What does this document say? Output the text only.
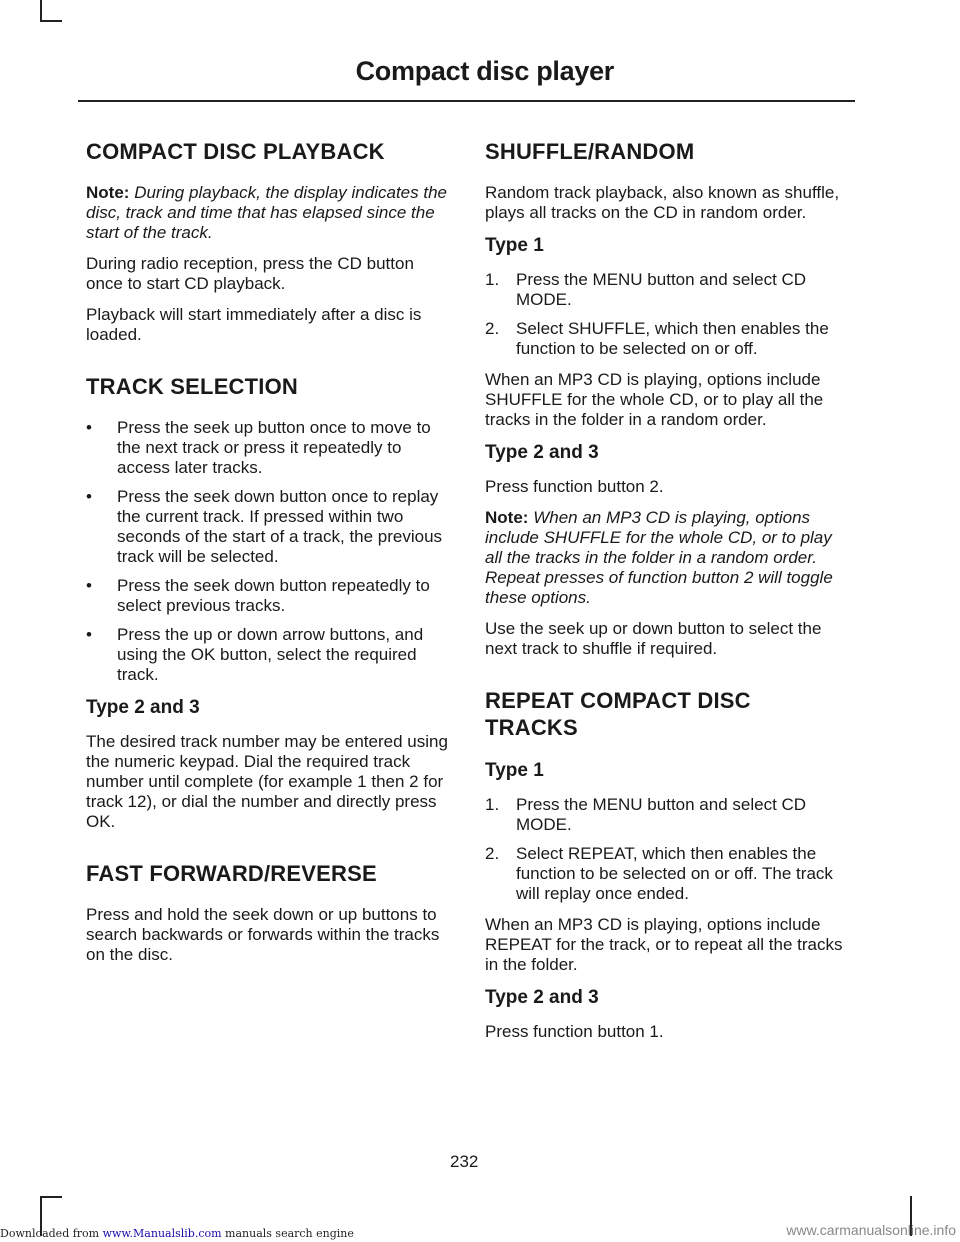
Compact disc player
COMPACT DISC PLAYBACK

Note: During playback, the display indicates the disc, track and time that has elapsed since the start of the track.

During radio reception, press the CD button once to start CD playback.

Playback will start immediately after a disc is loaded.

TRACK SELECTION
• Press the seek up button once to move to the next track or press it repeatedly to access later tracks.
• Press the seek down button once to replay the current track. If pressed within two seconds of the start of a track, the previous track will be selected.
• Press the seek down button repeatedly to select previous tracks.
• Press the up or down arrow buttons, and using the OK button, select the required track.
Type 2 and 3

The desired track number may be entered using the numeric keypad. Dial the required track number until complete (for example 1 then 2 for track 12), or dial the number and directly press OK.

FAST FORWARD/REVERSE

Press and hold the seek down or up buttons to search backwards or forwards within the tracks on the disc.

SHUFFLE/RANDOM

Random track playback, also known as shuffle, plays all tracks on the CD in random order.

Type 1
1. Press the MENU button and select CD MODE.
2. Select SHUFFLE, which then enables the function to be selected on or off.

When an MP3 CD is playing, options include SHUFFLE for the whole CD, or to play all the tracks in the folder in a random order.

Type 2 and 3

Press function button 2.

Note: When an MP3 CD is playing, options include SHUFFLE for the whole CD, or to play all the tracks in the folder in a random order. Repeat presses of function button 2 will toggle these options.

Use the seek up or down button to select the next track to shuffle if required.

REPEAT COMPACT DISC
TRACKS
Type 1
1. Press the MENU button and select CD MODE.
2. Select REPEAT, which then enables the function to be selected on or off. The track will replay once ended.

When an MP3 CD is playing, options include REPEAT for the track, or to repeat all the tracks in the folder.

Type 2 and 3

Press function button 1.

232
Downloaded from www.Manualslib.com manuals search engine	www.carmanualsonline.info
